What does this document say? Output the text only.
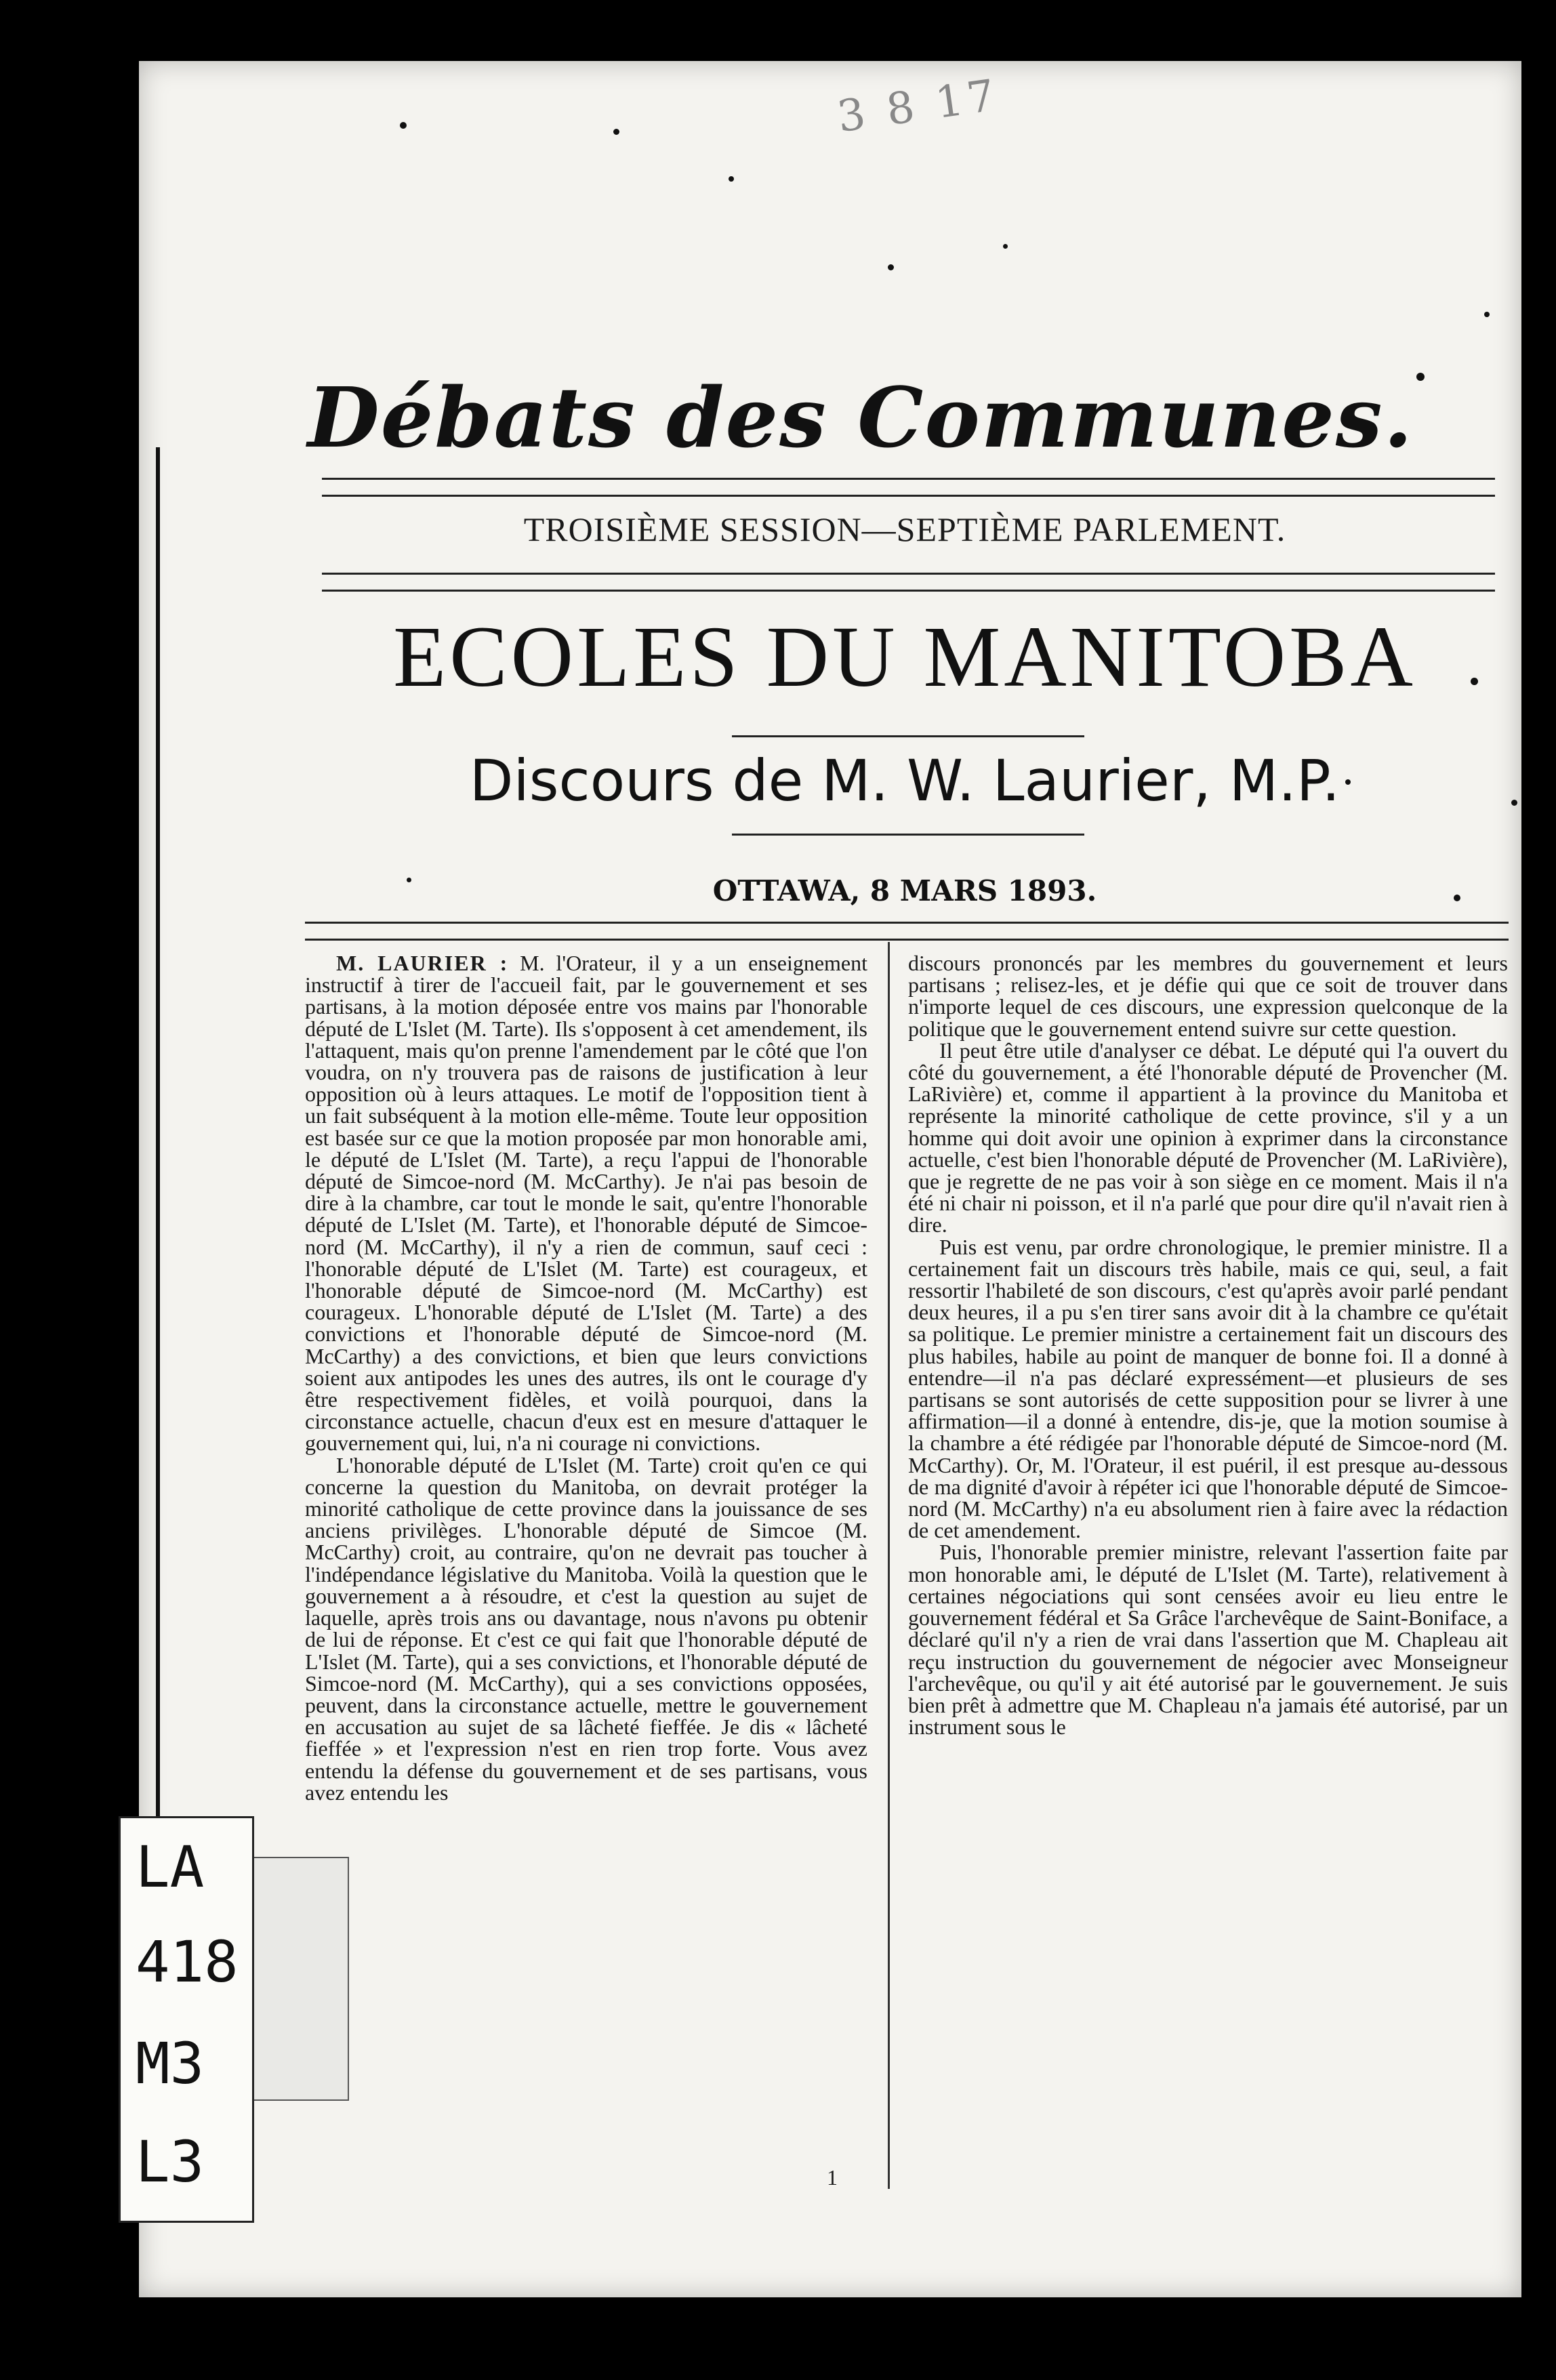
3 8 17
Débats des Communes.
TROISIÈME SESSION—SEPTIÈME PARLEMENT.
ECOLES DU MANITOBA
Discours de M. W. Laurier, M.P.
OTTAWA, 8 MARS 1893.

M. LAURIER : M. l'Orateur, il y a un enseignement instructif à tirer de l'accueil fait, par le gouvernement et ses partisans, à la motion déposée entre vos mains par l'honorable député de L'Islet (M. Tarte). Ils s'opposent à cet amendement, ils l'attaquent, mais qu'on prenne l'amendement par le côté que l'on voudra, on n'y trouvera pas de raisons de justification à leur opposition où à leurs attaques. Le motif de l'opposition tient à un fait subséquent à la motion elle-même. Toute leur opposition est basée sur ce que la motion proposée par mon honorable ami, le député de L'Islet (M. Tarte), a reçu l'appui de l'honorable député de Simcoe-nord (M. McCarthy). Je n'ai pas besoin de dire à la chambre, car tout le monde le sait, qu'entre l'honorable député de L'Islet (M. Tarte), et l'honorable député de Simcoe-nord (M. McCarthy), il n'y a rien de commun, sauf ceci : l'honorable député de L'Islet (M. Tarte) est courageux, et l'honorable député de Simcoe-nord (M. McCarthy) est courageux. L'honorable député de L'Islet (M. Tarte) a des convictions et l'honorable député de Simcoe-nord (M. McCarthy) a des convictions, et bien que leurs convictions soient aux antipodes les unes des autres, ils ont le courage d'y être respectivement fidèles, et voilà pourquoi, dans la circonstance actuelle, chacun d'eux est en mesure d'attaquer le gouvernement qui, lui, n'a ni courage ni convictions.

L'honorable député de L'Islet (M. Tarte) croit qu'en ce qui concerne la question du Manitoba, on devrait protéger la minorité catholique de cette province dans la jouissance de ses anciens privilèges. L'honorable député de Simcoe (M. McCarthy) croit, au contraire, qu'on ne devrait pas toucher à l'indépendance législative du Manitoba. Voilà la question que le gouvernement a à résoudre, et c'est la question au sujet de laquelle, après trois ans ou davantage, nous n'avons pu obtenir de lui de réponse. Et c'est ce qui fait que l'honorable député de L'Islet (M. Tarte), qui a ses convictions, et l'honorable député de Simcoe-nord (M. McCarthy), qui a ses convictions opposées, peuvent, dans la circonstance actuelle, mettre le gouvernement en accusation au sujet de sa lâcheté fieffée. Je dis « lâcheté fieffée » et l'expression n'est en rien trop forte. Vous avez entendu la défense du gouvernement et de ses partisans, vous avez entendu les

discours prononcés par les membres du gouvernement et leurs partisans ; relisez-les, et je défie qui que ce soit de trouver dans n'importe lequel de ces discours, une expression quelconque de la politique que le gouvernement entend suivre sur cette question.

Il peut être utile d'analyser ce débat. Le député qui l'a ouvert du côté du gouvernement, a été l'honorable député de Provencher (M. LaRivière) et, comme il appartient à la province du Manitoba et représente la minorité catholique de cette province, s'il y a un homme qui doit avoir une opinion à exprimer dans la circonstance actuelle, c'est bien l'honorable député de Provencher (M. LaRivière), que je regrette de ne pas voir à son siège en ce moment. Mais il n'a été ni chair ni poisson, et il n'a parlé que pour dire qu'il n'avait rien à dire.

Puis est venu, par ordre chronologique, le premier ministre. Il a certainement fait un discours très habile, mais ce qui, seul, a fait ressortir l'habileté de son discours, c'est qu'après avoir parlé pendant deux heures, il a pu s'en tirer sans avoir dit à la chambre ce qu'était sa politique. Le premier ministre a certainement fait un discours des plus habiles, habile au point de manquer de bonne foi. Il a donné à entendre—il n'a pas déclaré expressément—et plusieurs de ses partisans se sont autorisés de cette supposition pour se livrer à une affirmation—il a donné à entendre, dis-je, que la motion soumise à la chambre a été rédigée par l'honorable député de Simcoe-nord (M. McCarthy). Or, M. l'Orateur, il est puéril, il est presque au-dessous de ma dignité d'avoir à répéter ici que l'honorable député de Simcoe-nord (M. McCarthy) n'a eu absolument rien à faire avec la rédaction de cet amendement.

Puis, l'honorable premier ministre, relevant l'assertion faite par mon honorable ami, le député de L'Islet (M. Tarte), relativement à certaines négociations qui sont censées avoir eu lieu entre le gouvernement fédéral et Sa Grâce l'archevêque de Saint-Boniface, a déclaré qu'il n'y a rien de vrai dans l'assertion que M. Chapleau ait reçu instruction du gouvernement de négocier avec Monseigneur l'archevêque, ou qu'il y ait été autorisé par le gouvernement. Je suis bien prêt à admettre que M. Chapleau n'a jamais été autorisé, par un instrument sous le

1
LA
418
M3
L3
